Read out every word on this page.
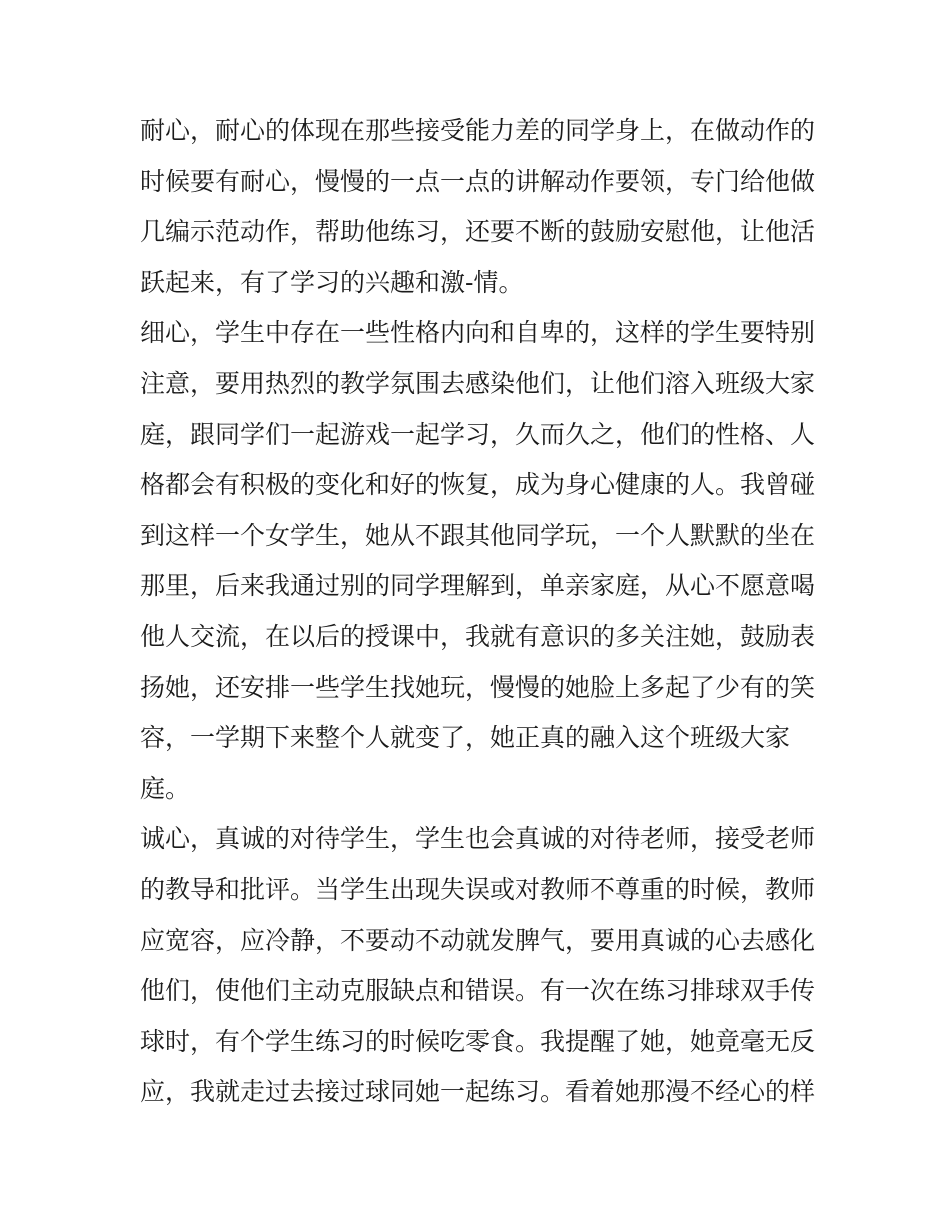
耐心，耐心的体现在那些接受能力差的同学身上，在做动作的
时候要有耐心，慢慢的一点一点的讲解动作要领，专门给他做
几编示范动作，帮助他练习，还要不断的鼓励安慰他，让他活
跃起来，有了学习的兴趣和激-情。
细心，学生中存在一些性格内向和自卑的，这样的学生要特别
注意，要用热烈的教学氛围去感染他们，让他们溶入班级大家
庭，跟同学们一起游戏一起学习，久而久之，他们的性格、人
格都会有积极的变化和好的恢复，成为身心健康的人。我曾碰
到这样一个女学生，她从不跟其他同学玩，一个人默默的坐在
那里，后来我通过别的同学理解到，单亲家庭，从心不愿意喝
他人交流，在以后的授课中，我就有意识的多关注她，鼓励表
扬她，还安排一些学生找她玩，慢慢的她脸上多起了少有的笑
容，一学期下来整个人就变了，她正真的融入这个班级大家
庭。
诚心，真诚的对待学生，学生也会真诚的对待老师，接受老师
的教导和批评。当学生出现失误或对教师不尊重的时候，教师
应宽容，应冷静，不要动不动就发脾气，要用真诚的心去感化
他们，使他们主动克服缺点和错误。有一次在练习排球双手传
球时，有个学生练习的时候吃零食。我提醒了她，她竟毫无反
应，我就走过去接过球同她一起练习。看着她那漫不经心的样
